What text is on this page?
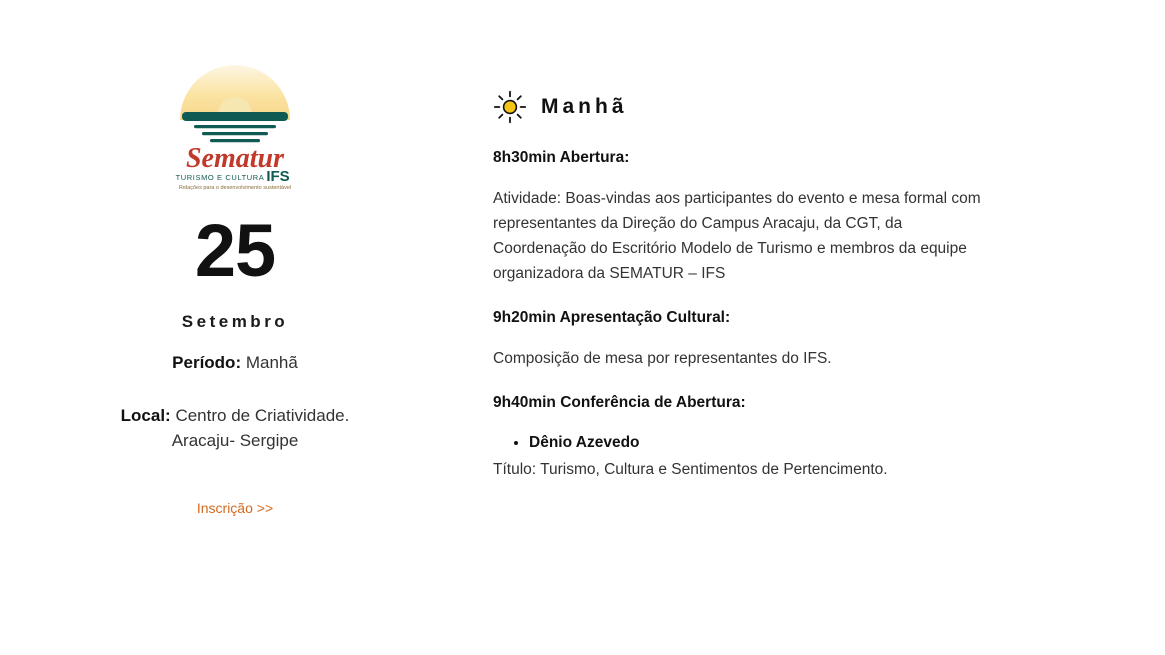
Sematur
TURISMO E CULTURA IFS
Relações para o desenvolvimento sustentável
25
Setembro
Período: Manhã
Local: Centro de Criatividade.
Aracaju- Sergipe
Inscrição >>
Manhã

8h30min Abertura:

Atividade: Boas-vindas aos participantes do evento e mesa formal com representantes da Direção do Campus Aracaju, da CGT, da Coordenação do Escritório Modelo de Turismo e membros da equipe organizadora da SEMATUR – IFS

9h20min Apresentação Cultural:

Composição de mesa por representantes do IFS.

9h40min Conferência de Abertura:

• Dênio Azevedo

Título: Turismo, Cultura e Sentimentos de Pertencimento.
